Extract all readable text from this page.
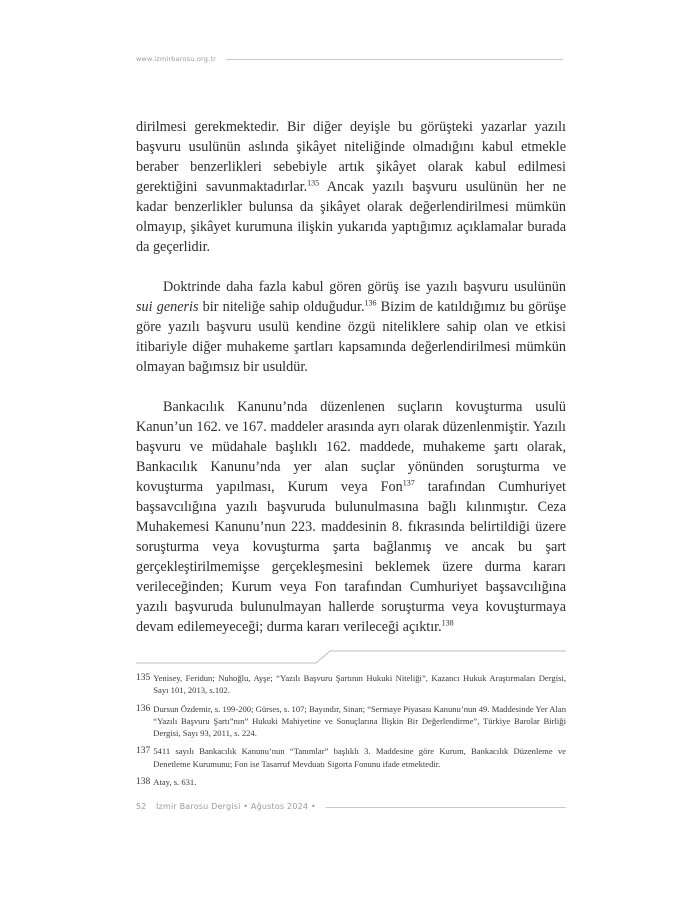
www.izmirbarosu.org.tr

dirilmesi gerekmektedir. Bir diğer deyişle bu görüşteki yazarlar yazılı başvuru usulünün aslında şikâyet niteliğinde olmadığını kabul etmekle beraber benzerlikleri sebebiyle artık şikâyet olarak kabul edilmesi gerektiğini savunmaktadırlar.$^{135}$ Ancak yazılı başvuru usulünün her ne kadar benzerlikler bulunsa da şikâyet olarak değerlendirilmesi mümkün olmayıp, şikâyet kurumuna ilişkin yukarıda yaptığımız açıklamalar burada da geçerlidir.

Doktrinde daha fazla kabul gören görüş ise yazılı başvuru usulünün sui generis bir niteliğe sahip olduğudur.$^{136}$ Bizim de katıldığımız bu görüşe göre yazılı başvuru usulü kendine özgü niteliklere sahip olan ve etkisi itibariyle diğer muhakeme şartları kapsamında değerlendirilmesi mümkün olmayan bağımsız bir usuldür.

Bankacılık Kanunu’nda düzenlenen suçların kovuşturma usulü Kanun’un 162. ve 167. maddeler arasında ayrı olarak düzenlenmiştir. Yazılı başvuru ve müdahale başlıklı 162. maddede, muhakeme şartı olarak, Bankacılık Kanunu’nda yer alan suçlar yönünden soruşturma ve kovuşturma yapılması, Kurum veya Fon$^{137}$ tarafından Cumhuriyet başsavcılığına yazılı başvuruda bulunulmasına bağlı kılınmıştır. Ceza Muhakemesi Kanunu’nun 223. maddesinin 8. fıkrasında belirtildiği üzere soruşturma veya kovuşturma şarta bağlanmış ve ancak bu şart gerçekleştirilmemişse gerçekleşmesini beklemek üzere durma kararı verileceğinden; Kurum veya Fon tarafından Cumhuriyet başsavcılığına yazılı başvuruda bulunulmayan hallerde soruşturma veya kovuşturmaya devam edilemeyeceği; durma kararı verileceği açıktır.$^{138}$

135 Yenisey, Feridun; Nuhoğlu, Ayşe; “Yazılı Başvuru Şartının Hukuki Niteliği”, Kazancı Hukuk Araştırmaları Dergisi, Sayı 101, 2013, s.102.
136 Dursun Özdemir, s. 199-200; Gürses, s. 107; Bayındır, Sinan; “Sermaye Piyasası Kanunu’nun 49. Maddesinde Yer Alan “Yazılı Başvuru Şartı”nın” Hukuki Mahiyetine ve Sonuçlarına İlişkin Bir Değerlendirme”, Türkiye Barolar Birliği Dergisi, Sayı 93, 2011, s. 224.
137 5411 sayılı Bankacılık Kanunu’nun “Tanımlar” başlıklı 3. Maddesine göre Kurum, Bankacılık Düzenleme ve Denetleme Kurumunu; Fon ise Tasarruf Mevduatı Sigorta Fonunu ifade etmektedir.
138 Atay, s. 631.
52 İzmir Barosu Dergisi • Ağustos 2024 •
